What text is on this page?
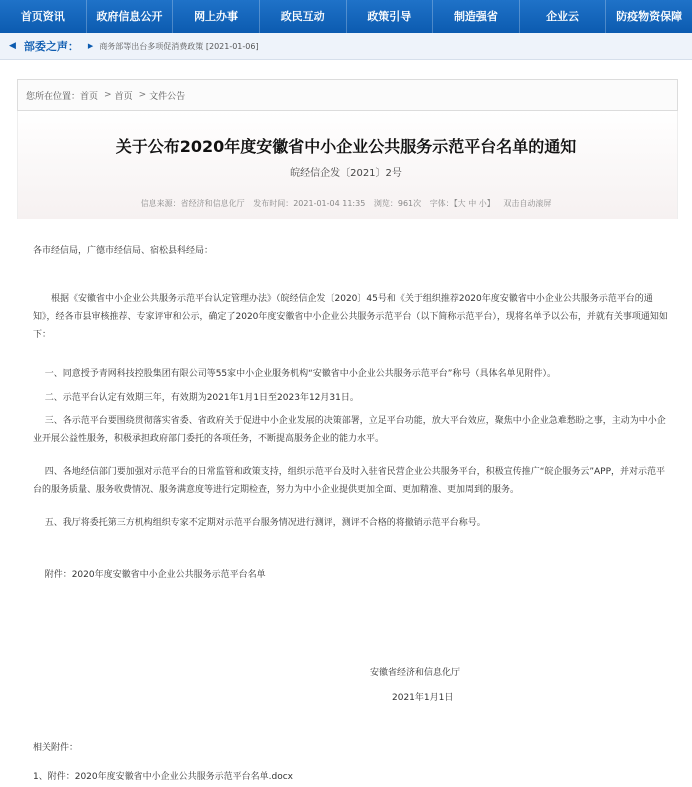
首页资讯	政府信息公开	网上办事	政民互动	政策引导	制造强省	企业云	防疫物资保障
◀ 部委之声： ▶ 商务部等出台多项促消费政策 [2021-01-06]
您所在位置： 首页 > 首页 > 文件公告
关于公布2020年度安徽省中小企业公共服务示范平台名单的通知
皖经信企发〔2021〕2号
信息来源：省经济和信息化厅 发布时间：2021-01-04 11:35 浏览：961次 字体：【大 中 小】 双击自动滚屏
各市经信局，广德市经信局、宿松县科经局：
根据《安徽省中小企业公共服务示范平台认定管理办法》（皖经信企发〔2020〕45号和《关于组织推荐2020年度安徽省中小企业公共服务示范平台的通知》，经各市县审核推荐、专家评审和公示，确定了2020年度安徽省中小企业公共服务示范平台（以下简称示范平台），现将名单予以公布，并就有关事项通知如下：
一、同意授予青网科技控股集团有限公司等55家中小企业服务机构“安徽省中小企业公共服务示范平台”称号（具体名单见附件）。
二、示范平台认定有效期三年，有效期为2021年1月1日至2023年12月31日。
三、各示范平台要围绕贯彻落实省委、省政府关于促进中小企业发展的决策部署，立足平台功能，放大平台效应，聚焦中小企业急难愁盼之事，主动为中小企业开展公益性服务，积极承担政府部门委托的各项任务，不断提高服务企业的能力水平。
四、各地经信部门要加强对示范平台的日常监管和政策支持，组织示范平台及时入驻省民营企业公共服务平台，积极宣传推广“皖企服务云”APP，并对示范平台的服务质量、服务收费情况、服务满意度等进行定期检查，努力为中小企业提供更加全面、更加精准、更加周到的服务。
五、我厅将委托第三方机构组织专家不定期对示范平台服务情况进行测评，测评不合格的将撤销示范平台称号。
附件：2020年度安徽省中小企业公共服务示范平台名单
安徽省经济和信息化厅
2021年1月1日
相关附件：
1、附件：2020年度安徽省中小企业公共服务示范平台名单.docx
